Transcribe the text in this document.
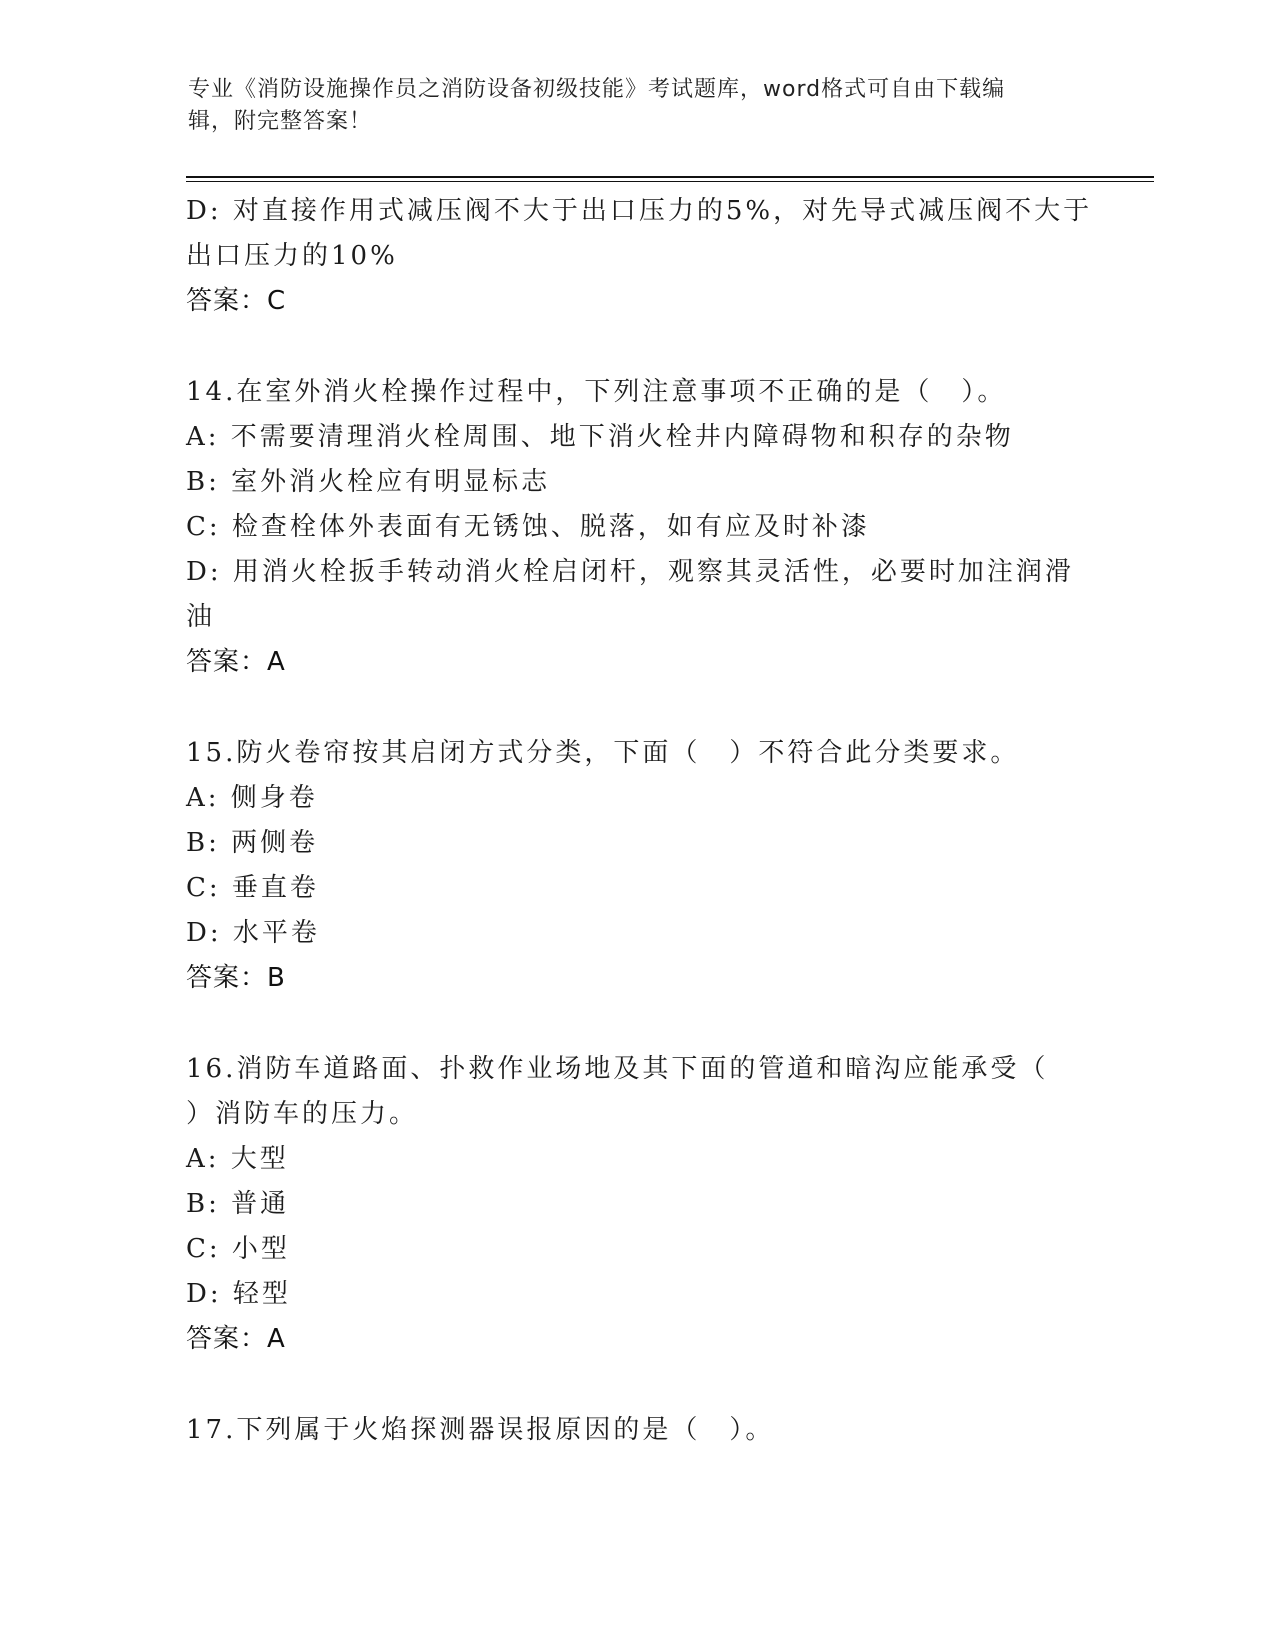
专业《消防设施操作员之消防设备初级技能》考试题库，word格式可自由下载编
辑，附完整答案！
D: 对直接作用式减压阀不大于出口压力的5%，对先导式减压阀不大于
出口压力的10%
答案：C
14.在室外消火栓操作过程中，下列注意事项不正确的是（　）。
A: 不需要清理消火栓周围、地下消火栓井内障碍物和积存的杂物
B: 室外消火栓应有明显标志
C: 检查栓体外表面有无锈蚀、脱落，如有应及时补漆
D: 用消火栓扳手转动消火栓启闭杆，观察其灵活性，必要时加注润滑
油
答案：A
15.防火卷帘按其启闭方式分类，下面（　）不符合此分类要求。
A: 侧身卷
B: 两侧卷
C: 垂直卷
D: 水平卷
答案：B
16.消防车道路面、扑救作业场地及其下面的管道和暗沟应能承受（
）消防车的压力。
A: 大型
B: 普通
C: 小型
D: 轻型
答案：A
17.下列属于火焰探测器误报原因的是（　）。
